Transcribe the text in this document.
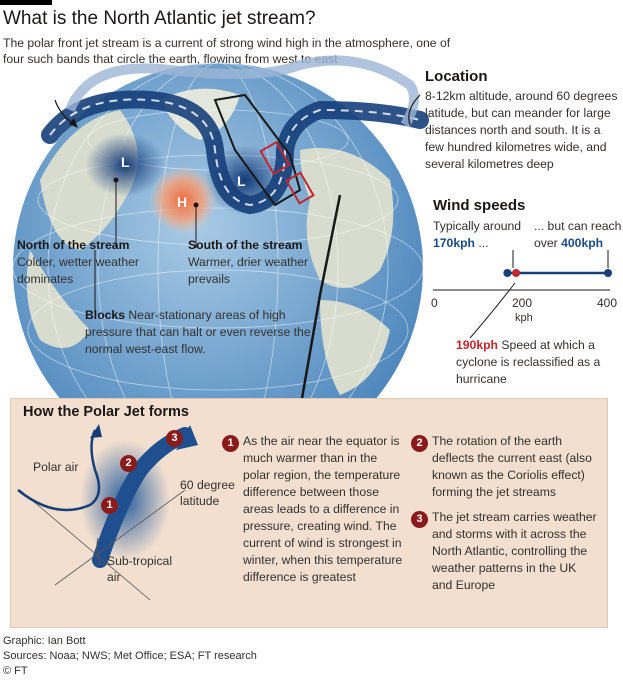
What is the North Atlantic jet stream?
The polar front jet stream is a current of strong wind high in the atmosphere, one of four such bands that circle the earth, flowing from west to east
L
L
H
North of the stream
Colder, wetter weather dominates
South of the stream
Warmer, drier weather prevails
Blocks Near-stationary areas of high pressure that can halt or even reverse the normal west-east flow.
Location
8-12km altitude, around 60 degrees latitude, but can meander for large distances north and south. It is a few hundred kilometres wide, and several kilometres deep
Wind speeds
Typically around
170kph ...
... but can reach over 400kph
0	200	400
kph
190kph Speed at which a cyclone is reclassified as a hurricane
How the Polar Jet forms
3
2
1
Polar air
60 degree
latitude
Sub-tropical
air
1 As the air near the equator is much warmer than in the polar region, the temperature difference between those areas leads to a difference in pressure, creating wind. The current of wind is strongest in winter, when this temperature difference is greatest
2 The rotation of the earth deflects the current east (also known as the Coriolis effect) forming the jet streams
3 The jet stream carries weather and storms with it across the North Atlantic, controlling the weather patterns in the UK and Europe
Graphic: Ian Bott
Sources: Noaa; NWS; Met Office; ESA; FT research
© FT
